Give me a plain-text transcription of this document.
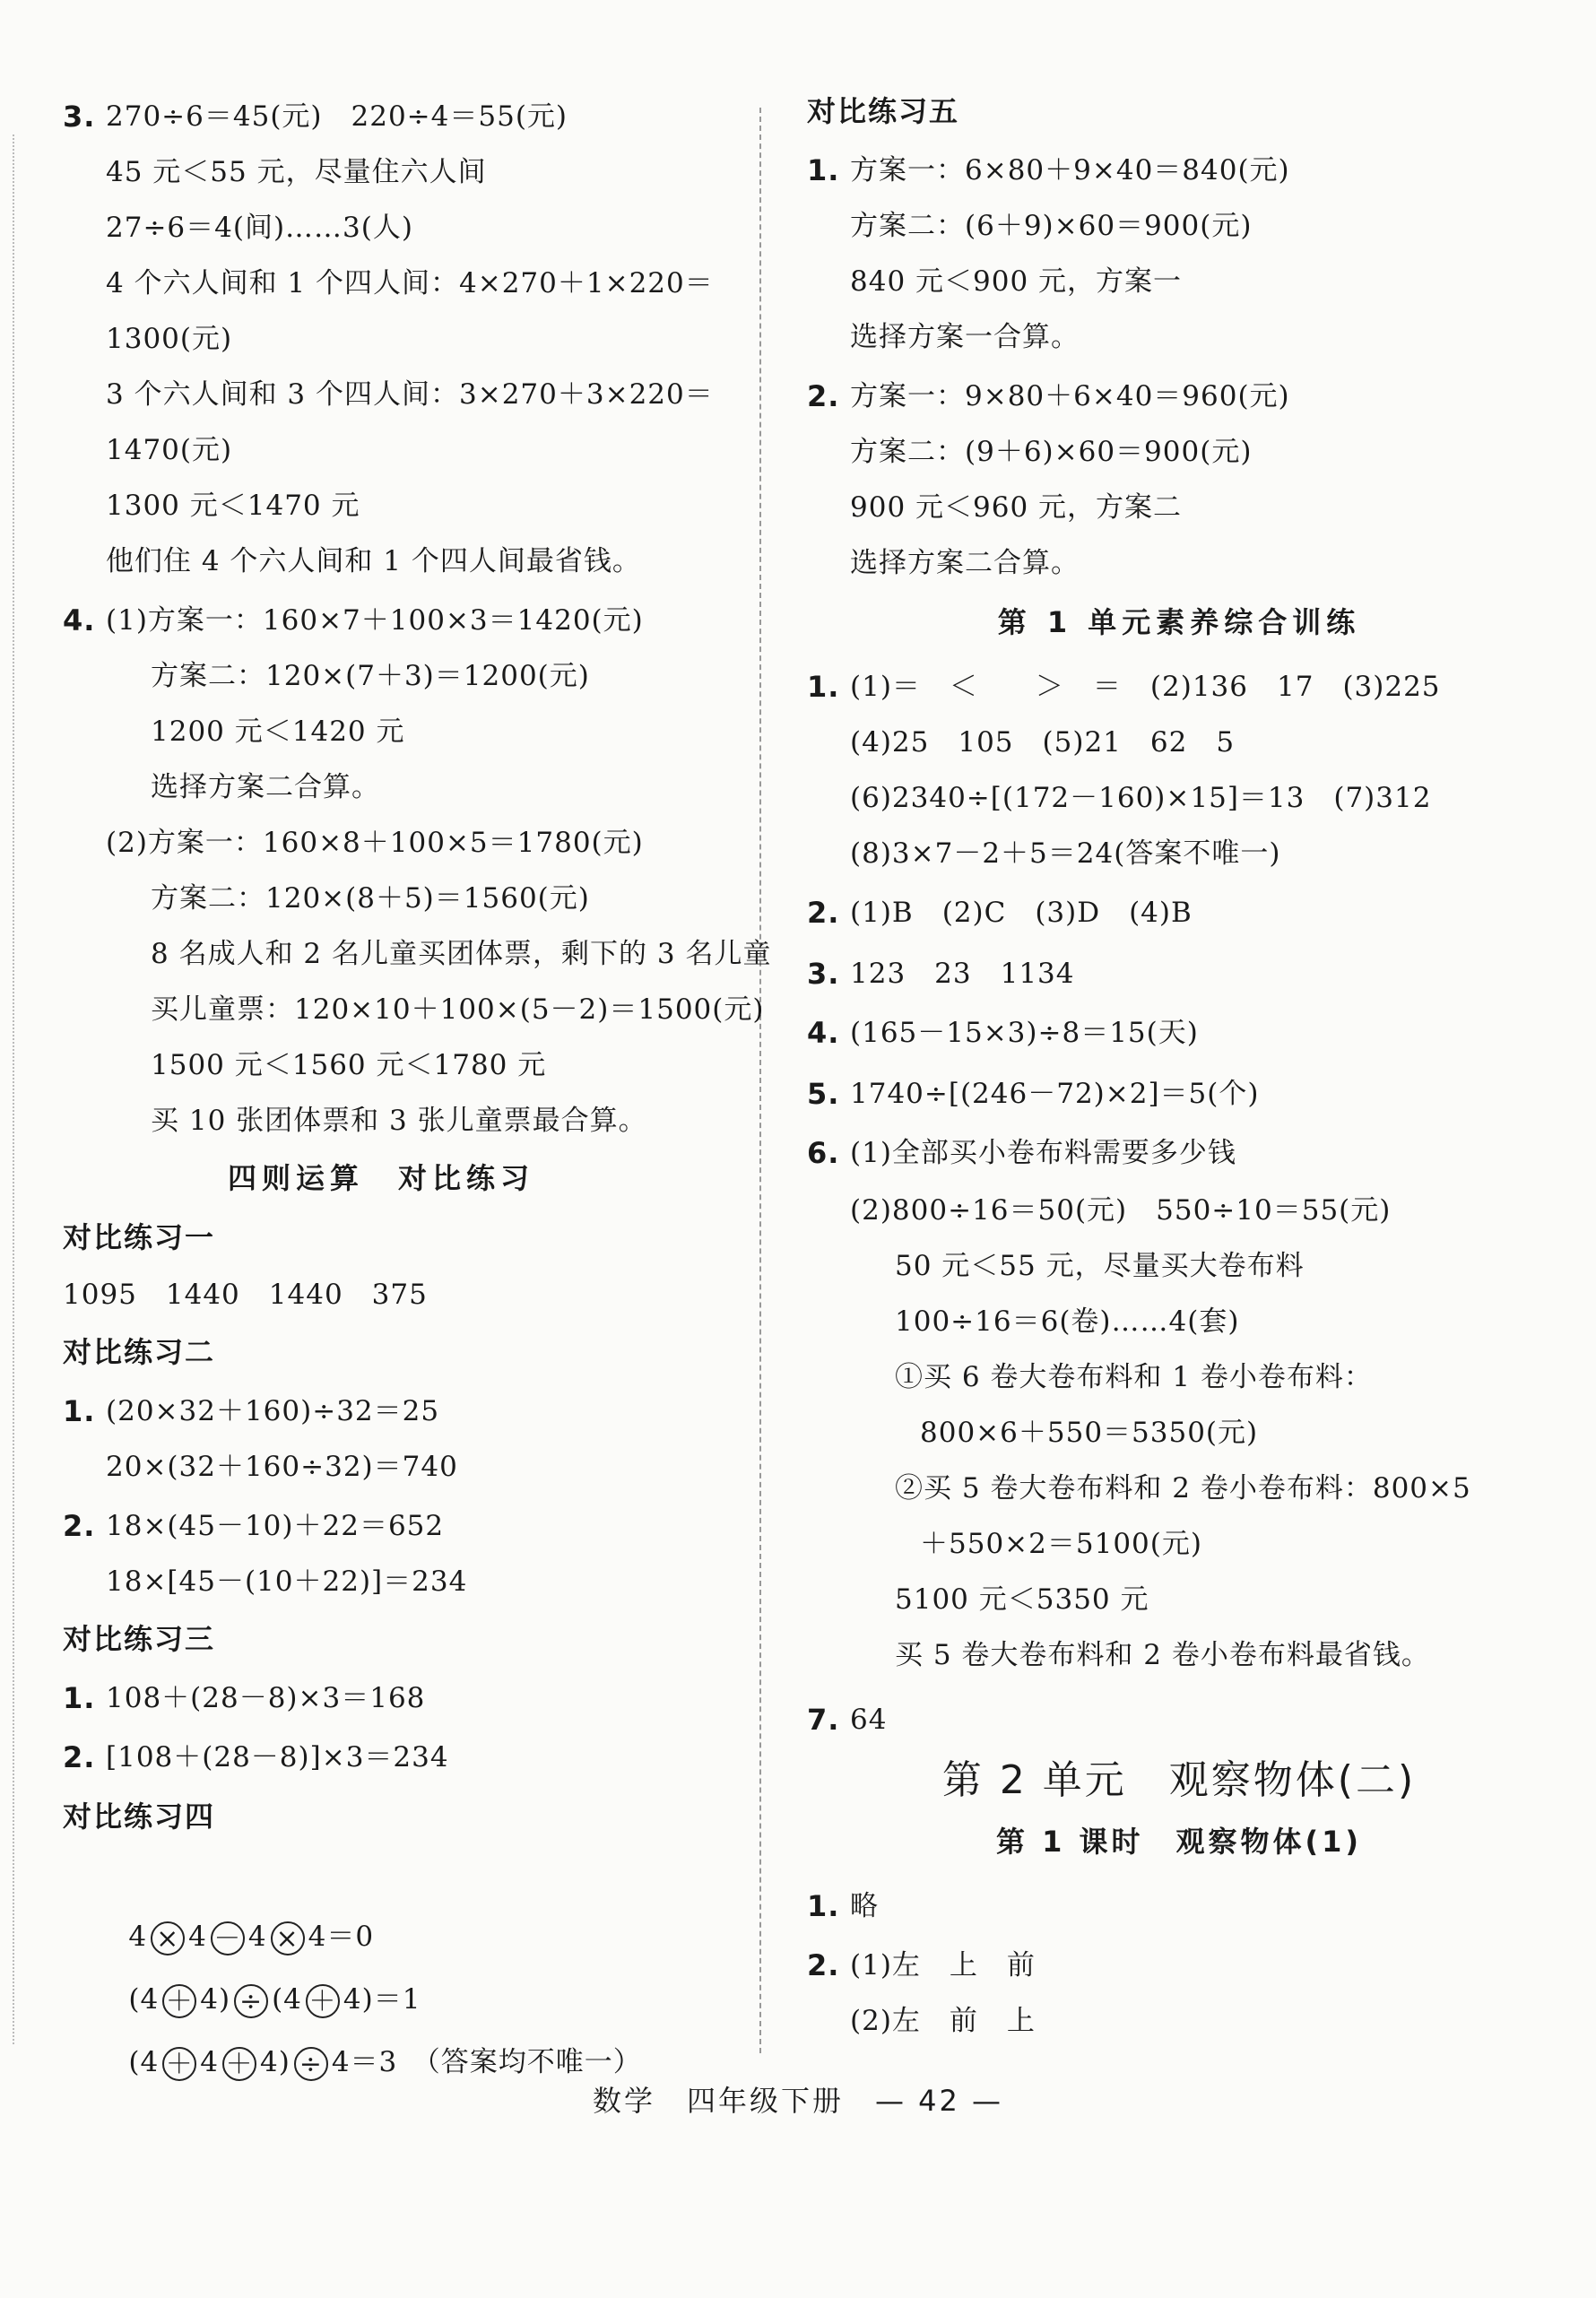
3. 270÷6＝45(元)　220÷4＝55(元)
45 元＜55 元，尽量住六人间
27÷6＝4(间)……3(人)
4 个六人间和 1 个四人间：4×270＋1×220＝
1300(元)
3 个六人间和 3 个四人间：3×270＋3×220＝
1470(元)
1300 元＜1470 元
他们住 4 个六人间和 1 个四人间最省钱。
4. (1)方案一：160×7＋100×3＝1420(元)
方案二：120×(7＋3)＝1200(元)
1200 元＜1420 元
选择方案二合算。
(2)方案一：160×8＋100×5＝1780(元)
方案二：120×(8＋5)＝1560(元)
8 名成人和 2 名儿童买团体票，剩下的 3 名儿童
买儿童票：120×10＋100×(5－2)＝1500(元)
1500 元＜1560 元＜1780 元
买 10 张团体票和 3 张儿童票最合算。
四则运算　对比练习
对比练习一
1095　1440　1440　375
对比练习二
1. (20×32＋160)÷32＝25
20×(32＋160÷32)＝740
2. 18×(45－10)＋22＝652
18×[45－(10＋22)]＝234
对比练习三
1. 108＋(28－8)×3＝168
2. [108＋(28－8)]×3＝234
对比练习四

4 × 4 － 4 × 4＝0

(4 ＋ 4) ÷ (4 ＋ 4)＝1

(4 ＋ 4 ＋ 4) ÷ 4＝3　 （答案均不唯一）

对比练习五
1. 方案一：6×80＋9×40＝840(元)
方案二：(6＋9)×60＝900(元)
840 元＜900 元，方案一
选择方案一合算。
2. 方案一：9×80＋6×40＝960(元)
方案二：(9＋6)×60＝900(元)
900 元＜960 元，方案二
选择方案二合算。
第 1 单元素养综合训练
1. (1)＝　＜　　＞　＝　(2)136　17　(3)225
(4)25　105　(5)21　62　5
(6)2340÷[(172－160)×15]＝13　(7)312
(8)3×7－2＋5＝24(答案不唯一)
2. (1)B　(2)C　(3)D　(4)B
3. 123　23　1134
4. (165－15×3)÷8＝15(天)
5. 1740÷[(246－72)×2]＝5(个)
6. (1)全部买小卷布料需要多少钱
(2)800÷16＝50(元)　550÷10＝55(元)
50 元＜55 元，尽量买大卷布料
100÷16＝6(卷)……4(套)
①买 6 卷大卷布料和 1 卷小卷布料：
800×6＋550＝5350(元)
②买 5 卷大卷布料和 2 卷小卷布料：800×5
＋550×2＝5100(元)
5100 元＜5350 元
买 5 卷大卷布料和 2 卷小卷布料最省钱。
7. 64
第 2 单元　观察物体(二)
第 1 课时　观察物体(1)
1. 略
2. (1)左　上　前
(2)左　前　上
数学　四年级下册　— 42 —
